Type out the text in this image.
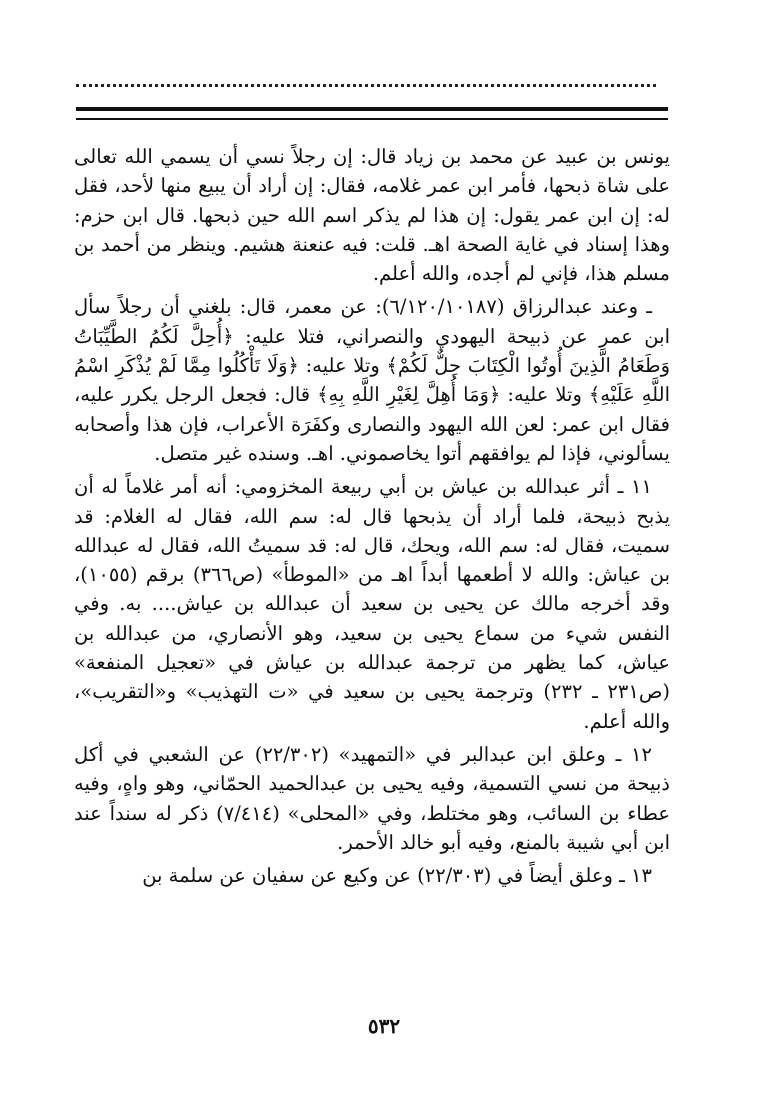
يونس بن عبيد عن محمد بن زياد قال: إن رجلاً نسي أن يسمي الله تعالى على شاة ذبحها، فأمر ابن عمر غلامه، فقال: إن أراد أن يبيع منها لأحد، فقل له: إن ابن عمر يقول: إن هذا لم يذكر اسم الله حين ذبحها. قال ابن حزم: وهذا إسناد في غاية الصحة اهـ. قلت: فيه عنعنة هشيم. وينظر من أحمد بن مسلم هذا، فإني لم أجده، والله أعلم.

ـ وعند عبدالرزاق (٦/١٢٠/١٠١٨٧): عن معمر، قال: بلغني أن رجلاً سأل ابن عمر عن ذبيحة اليهودي والنصراني، فتلا عليه: ﴿أُحِلَّ لَكُمُ الطَّيِّبَاتُ وَطَعَامُ الَّذِينَ أُوتُوا الْكِتَابَ حِلٌّ لَكُمْ﴾ وتلا عليه: ﴿وَلَا تَأْكُلُوا مِمَّا لَمْ يُذْكَرِ اسْمُ اللَّهِ عَلَيْهِ﴾ وتلا عليه: ﴿وَمَا أُهِلَّ لِغَيْرِ اللَّهِ بِهِ﴾ قال: فجعل الرجل يكرر عليه، فقال ابن عمر: لعن الله اليهود والنصارى وكفَرَة الأعراب، فإن هذا وأصحابه يسألوني، فإذا لم يوافقهم أتوا يخاصموني. اهـ. وسنده غير متصل.

١١ ـ أثر عبدالله بن عياش بن أبي ربيعة المخزومي: أنه أمر غلاماً له أن يذبح ذبيحة، فلما أراد أن يذبحها قال له: سم الله، فقال له الغلام: قد سميت، فقال له: سم الله، ويحك، قال له: قد سميتُ الله، فقال له عبدالله بن عياش: والله لا أطعمها أبداً اهـ من «الموطأ» (ص٣٦٦) برقم (١٠٥٥)، وقد أخرجه مالك عن يحيى بن سعيد أن عبدالله بن عياش.... به. وفي النفس شيء من سماع يحيى بن سعيد، وهو الأنصاري، من عبدالله بن عياش، كما يظهر من ترجمة عبدالله بن عياش في «تعجيل المنفعة» (ص٢٣١ ـ ٢٣٢) وترجمة يحيى بن سعيد في «ت التهذيب» و«التقريب»، والله أعلم.

١٢ ـ وعلق ابن عبدالبر في «التمهيد» (٢٢/٣٠٢) عن الشعبي في أكل ذبيحة من نسي التسمية، وفيه يحيى بن عبدالحميد الحمّاني، وهو واهٍ، وفيه عطاء بن السائب، وهو مختلط، وفي «المحلى» (٧/٤١٤) ذكر له سنداً عند ابن أبي شيبة بالمنع، وفيه أبو خالد الأحمر.

١٣ ـ وعلق أيضاً في (٢٢/٣٠٣) عن وكيع عن سفيان عن سلمة بن

٥٣٢
